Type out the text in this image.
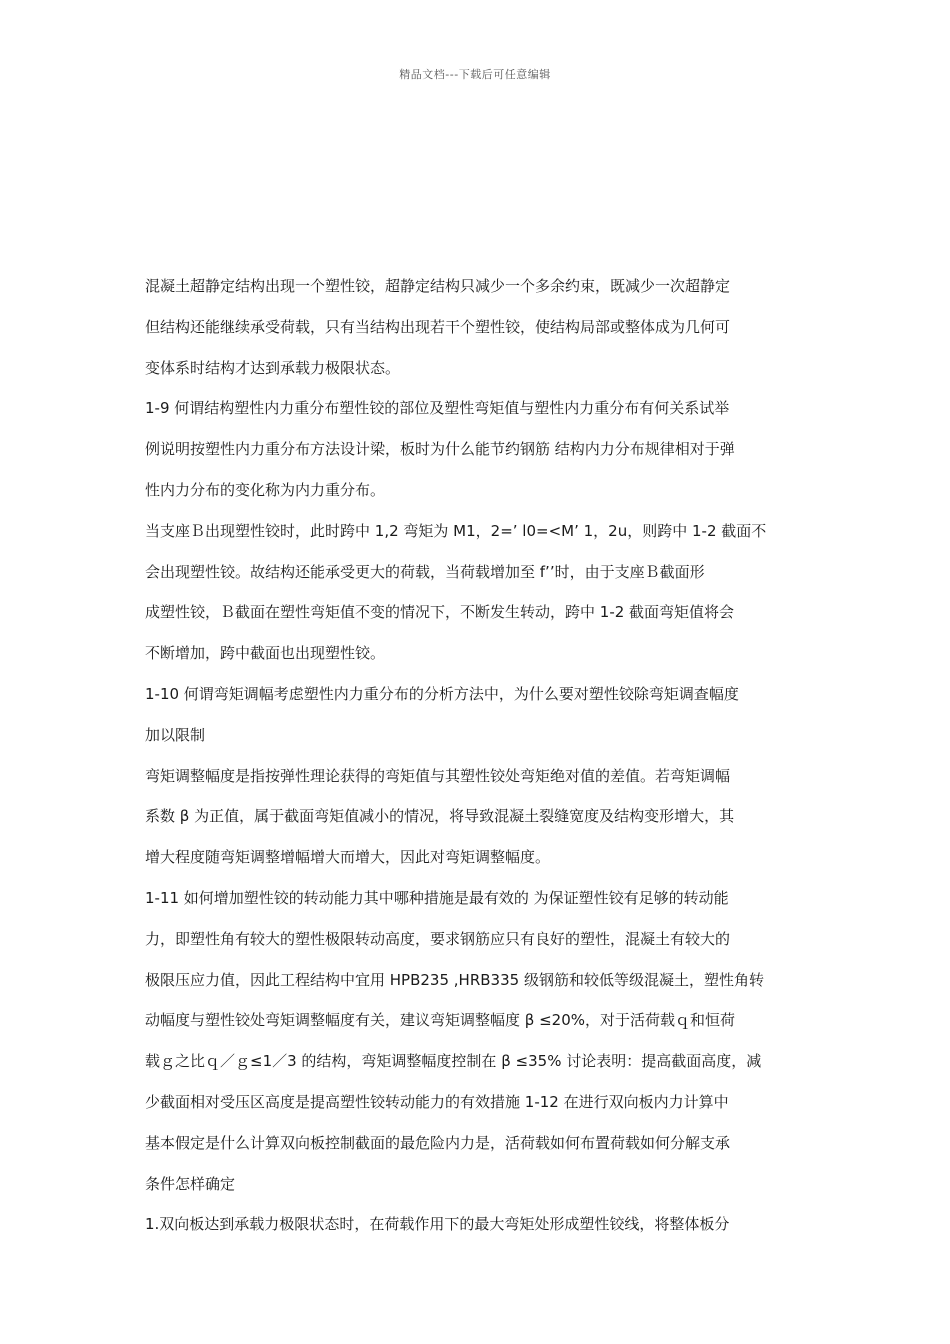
精品文档---下载后可任意编辑
混凝土超静定结构出现一个塑性铰，超静定结构只减少一个多余约束，既减少一次超静定
但结构还能继续承受荷载，只有当结构出现若干个塑性铰，使结构局部或整体成为几何可
变体系时结构才达到承载力极限状态。
1-9 何谓结构塑性内力重分布塑性铰的部位及塑性弯矩值与塑性内力重分布有何关系试举
例说明按塑性内力重分布方法设计梁，板时为什么能节约钢筋 结构内力分布规律相对于弹
性内力分布的变化称为内力重分布。
当支座Ｂ出现塑性铰时，此时跨中 1,2 弯矩为 M1，2=’ l0=<M’ 1，2u，则跨中 1-2 截面不
会出现塑性铰。故结构还能承受更大的荷载，当荷载增加至 f’’时，由于支座Ｂ截面形
成塑性铰，Ｂ截面在塑性弯矩值不变的情况下，不断发生转动，跨中 1-2 截面弯矩值将会
不断增加，跨中截面也出现塑性铰。
1-10 何谓弯矩调幅考虑塑性内力重分布的分析方法中，为什么要对塑性铰除弯矩调查幅度
加以限制
弯矩调整幅度是指按弹性理论获得的弯矩值与其塑性铰处弯矩绝对值的差值。若弯矩调幅
系数 β 为正值，属于截面弯矩值减小的情况，将导致混凝土裂缝宽度及结构变形增大，其
增大程度随弯矩调整增幅增大而增大，因此对弯矩调整幅度。
1-11 如何增加塑性铰的转动能力其中哪种措施是最有效的 为保证塑性铰有足够的转动能
力，即塑性角有较大的塑性极限转动高度，要求钢筋应只有良好的塑性，混凝土有较大的
极限压应力值，因此工程结构中宜用 HPB235 ,HRB335 级钢筋和较低等级混凝土，塑性角转
动幅度与塑性铰处弯矩调整幅度有关，建议弯矩调整幅度 β ≤20%，对于活荷载ｑ和恒荷
载ｇ之比ｑ／ｇ≤1／3 的结构，弯矩调整幅度控制在 β ≤35% 讨论表明：提高截面高度，减
少截面相对受压区高度是提高塑性铰转动能力的有效措施 1-12 在进行双向板内力计算中
基本假定是什么计算双向板控制截面的最危险内力是，活荷载如何布置荷载如何分解支承
条件怎样确定
1.双向板达到承载力极限状态时，在荷载作用下的最大弯矩处形成塑性铰线，将整体板分
